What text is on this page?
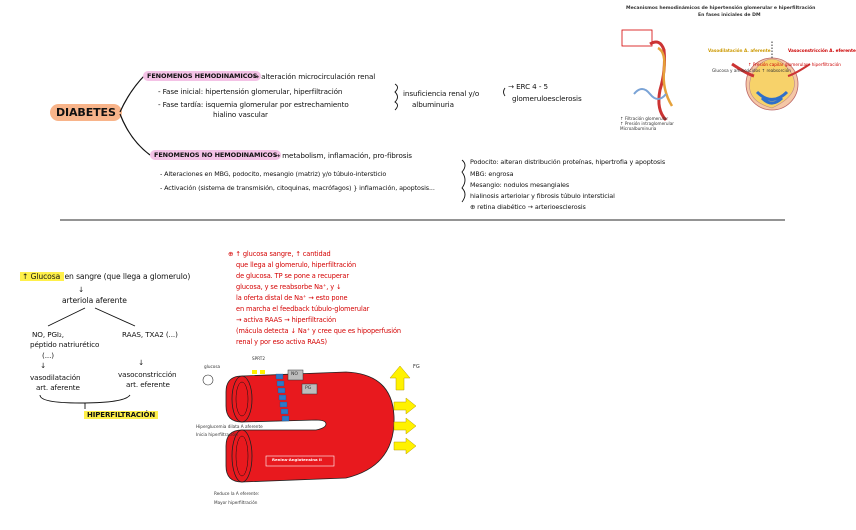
DIABETES
FENOMENOS HEMODINAMICOS
→ alteración microcirculación renal
- Fase inicial: hipertensión glomerular, hiperfiltración
- Fase tardía: isquemia glomerular por estrechamiento
hialino vascular
insuficiencia renal y/o
albuminuria
→ ERC 4 - 5
glomeruloesclerosis
FENOMENOS NO HEMODINAMICOS
→ metabolism, inflamación, pro-fibrosis
- Alteraciones en MBG, podocito, mesangio (matriz) y/o túbulo-intersticio
- Activación (sistema de transmisión, citoquinas, macrófagos) } inflamación, apoptosis...
Podocito: alteran distribución proteínas, hipertrofia y apoptosis
MBG: engrosa
Mesangio: nodulos mesangiales
hialinosis arteriolar y fibrosis túbulo intersticial
⊕ retina diabético → arterioesclerosis
Mecanismos hemodinámicos de hipertensión glomerular e hiperfiltración
En fases iniciales de DM
Vasodilatación A. aferente	Vasoconstricción A. eferente
Glucosa y aminoácidos ↑ reabsorción
↑ Presión capilar glomerular · hiperfiltración
↑ Filtración glomerular
↑ Presión intraglomerular
Microalbuminuria
↑ Glucosa en sangre (que llega a glomerulo)
↓
arteriola aferente
NO, PGI₂,
péptido natriurético
(...)
RAAS, TXA2 (...)
↓	↓
vasodilatación
art. aferente
vasoconstricción
art. eferente
HIPERFILTRACIÓN
⊕ ↑ glucosa sangre, ↑ cantidad
que llega al glomerulo, hiperfiltración
de glucosa. TP se pone a recuperar
glucosa, y se reabsorbe Na⁺, y ↓
la oferta distal de Na⁺ → esto pone
en marcha el feedback túbulo-glomerular
→ activa RAAS → hiperfiltración
(mácula detecta ↓ Na⁺ y cree que es hipoperfusión
renal y por eso activa RAAS)
SPRT2
glucosa
NO
PG
FG
Renina-Angiotensina II
Hiperglucemia dilata A aferente
Inicia hiperfiltración
Reduce la A eferente:
Mayor hiperfiltración
